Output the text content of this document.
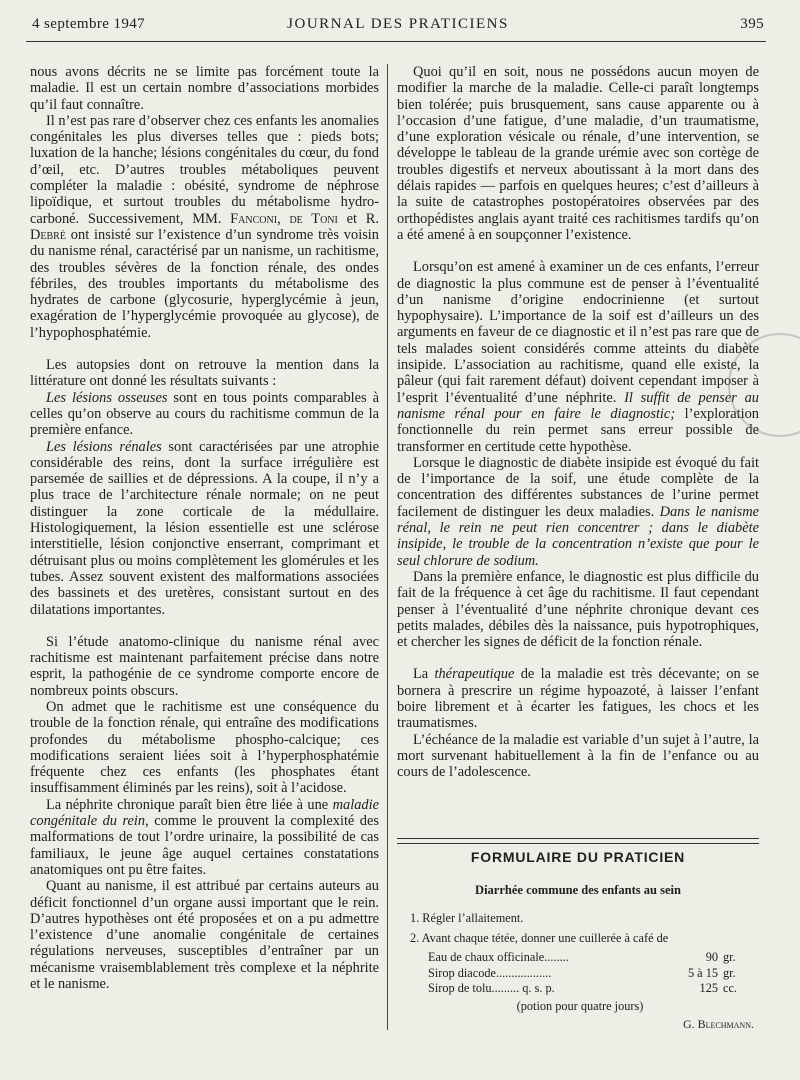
4 septembre 1947	JOURNAL DES PRATICIENS	395

nous avons décrits ne se limite pas forcément toute la maladie. Il est un certain nombre d’associations morbides qu’il faut connaître.

Il n’est pas rare d’observer chez ces enfants les anomalies congénitales les plus diverses telles que : pieds bots; luxation de la hanche; lésions congénitales du cœur, du fond d’œil, etc. D’autres troubles métaboliques peuvent compléter la maladie : obésité, syndrome de néphrose lipoïdique, et surtout troubles du métabolisme hydro-carboné. Successivement, MM. Fanconi, de Toni et R. Debré ont insisté sur l’existence d’un syndrome très voisin du nanisme rénal, caractérisé par un nanisme, un rachitisme, des troubles sévères de la fonction rénale, des ondes fébriles, des troubles importants du métabolisme des hydrates de carbone (glycosurie, hyperglycémie à jeun, exagération de l’hyperglycémie provoquée au glycose), de l’hypophosphatémie.

Les autopsies dont on retrouve la mention dans la littérature ont donné les résultats suivants :

Les lésions osseuses sont en tous points comparables à celles qu’on observe au cours du rachitisme commun de la première enfance.

Les lésions rénales sont caractérisées par une atrophie considérable des reins, dont la surface irrégulière est parsemée de saillies et de dépressions. A la coupe, il n’y a plus trace de l’architecture rénale normale; on ne peut distinguer la zone corticale de la médullaire. Histologiquement, la lésion essentielle est une sclérose interstitielle, lésion conjonctive enserrant, comprimant et détruisant plus ou moins complètement les glomérules et les tubes. Assez souvent existent des malformations associées des bassinets et des uretères, consistant surtout en des dilatations importantes.

Si l’étude anatomo-clinique du nanisme rénal avec rachitisme est maintenant parfaitement précise dans notre esprit, la pathogénie de ce syndrome comporte encore de nombreux points obscurs.

On admet que le rachitisme est une conséquence du trouble de la fonction rénale, qui entraîne des modifications profondes du métabolisme phospho-calcique; ces modifications seraient liées soit à l’hyperphosphatémie fréquente chez ces enfants (les phosphates étant insuffisamment éliminés par les reins), soit à l’acidose.

La néphrite chronique paraît bien être liée à une maladie congénitale du rein, comme le prouvent la complexité des malformations de tout l’ordre urinaire, la possibilité de cas familiaux, le jeune âge auquel certaines constatations anatomiques ont pu être faites.

Quant au nanisme, il est attribué par certains auteurs au déficit fonctionnel d’un organe aussi important que le rein. D’autres hypothèses ont été proposées et on a pu admettre l’existence d’une anomalie congénitale de certaines régulations nerveuses, susceptibles d’entraîner par un mécanisme vraisemblablement très complexe et la néphrite et le nanisme.

Quoi qu’il en soit, nous ne possédons aucun moyen de modifier la marche de la maladie. Celle-ci paraît longtemps bien tolérée; puis brusquement, sans cause apparente ou à l’occasion d’une fatigue, d’une maladie, d’un traumatisme, d’une exploration vésicale ou rénale, d’une intervention, se développe le tableau de la grande urémie avec son cortège de troubles digestifs et nerveux aboutissant à la mort dans des délais rapides — parfois en quelques heures; c’est d’ailleurs à la suite de catastrophes postopératoires observées par des orthopédistes anglais ayant traité ces rachitismes tardifs qu’on a été amené à en soupçonner l’existence.

Lorsqu’on est amené à examiner un de ces enfants, l’erreur de diagnostic la plus commune est de penser à l’éventualité d’un nanisme d’origine endocrinienne (et surtout hypophysaire). L’importance de la soif est d’ailleurs un des arguments en faveur de ce diagnostic et il n’est pas rare que de tels malades soient considérés comme atteints du diabète insipide. L’association au rachitisme, quand elle existe, la pâleur (qui fait rarement défaut) doivent cependant imposer à l’esprit l’éventualité d’une néphrite. Il suffit de penser au nanisme rénal pour en faire le diagnostic; l’exploration fonctionnelle du rein permet sans erreur possible de transformer en certitude cette hypothèse.

Lorsque le diagnostic de diabète insipide est évoqué du fait de l’importance de la soif, une étude complète de la concentration des différentes substances de l’urine permet facilement de distinguer les deux maladies. Dans le nanisme rénal, le rein ne peut rien concentrer ; dans le diabète insipide, le trouble de la concentration n’existe que pour le seul chlorure de sodium.

Dans la première enfance, le diagnostic est plus difficile du fait de la fréquence à cet âge du rachitisme. Il faut cependant penser à l’éventualité d’une néphrite chronique devant ces petits malades, débiles dès la naissance, puis hypotrophiques, et chercher les signes de déficit de la fonction rénale.

La thérapeutique de la maladie est très décevante; on se bornera à prescrire un régime hypoazoté, à laisser l’enfant boire librement et à écarter les fatigues, les chocs et les traumatismes.

L’échéance de la maladie est variable d’un sujet à l’autre, la mort survenant habituellement à la fin de l’enfance ou au cours de l’adolescence.

FORMULAIRE DU PRATICIEN
Diarrhée commune des enfants au sein
1. Régler l’allaitement.
2. Avant chaque tétée, donner une cuillerée à café de
Eau de chaux officinale........	90 gr.
Sirop diacode..................	5 à 15 gr.
Sirop de tolu......... q. s. p.	125 cc.
(potion pour quatre jours)
G. Blechmann.
